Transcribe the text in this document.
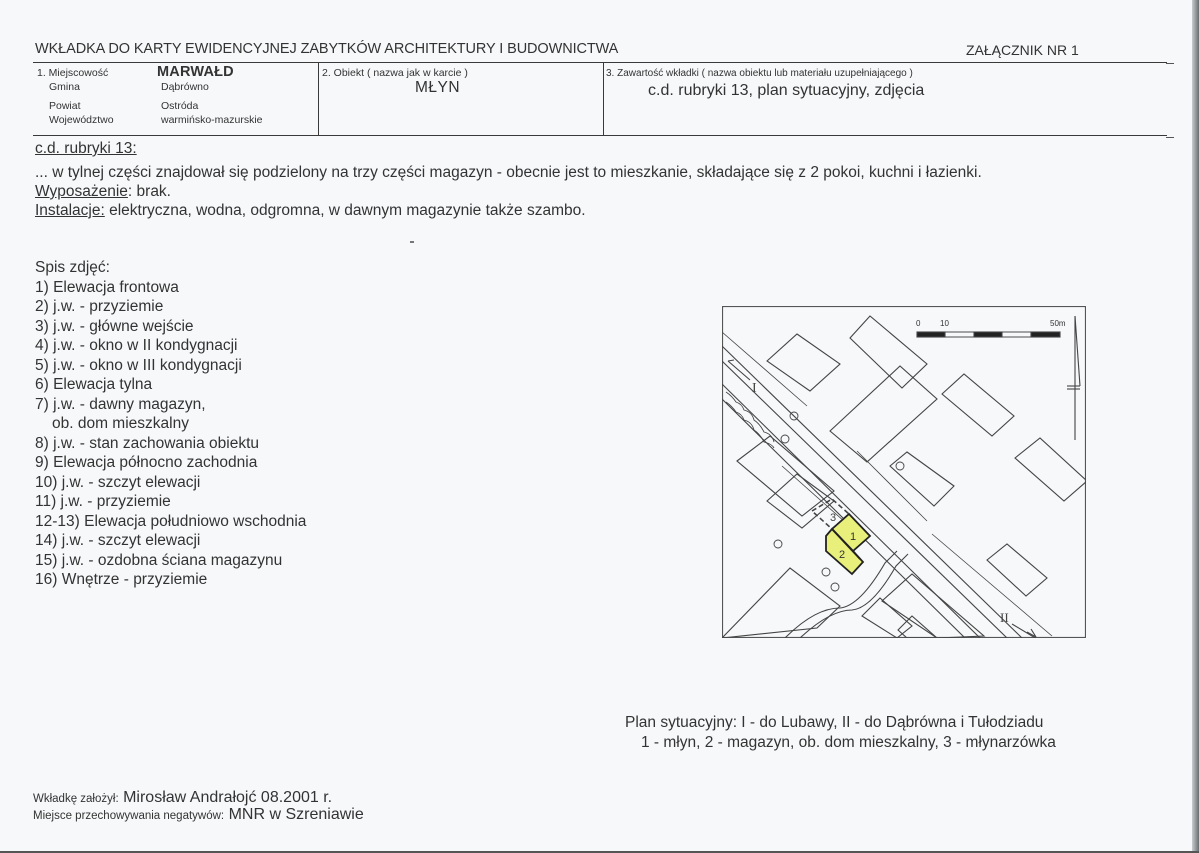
WKŁADKA DO KARTY EWIDENCYJNEJ ZABYTKÓW ARCHITEKTURY I BUDOWNICTWA	ZAŁĄCZNIK NR 1
1. Miejscowość	MARWAŁD
Gmina	Dąbrówno
Powiat	Ostróda
Województwo	warmińsko-mazurskie
2. Obiekt ( nazwa jak w karcie )
MŁYN
3. Zawartość wkładki ( nazwa obiektu lub materiału uzupełniającego )
c.d. rubryki 13, plan sytuacyjny, zdjęcia
c.d. rubryki 13:
... w tylnej części znajdował się podzielony na trzy części magazyn - obecnie jest to mieszkanie, składające się z 2 pokoi, kuchni i łazienki.
Wyposażenie: brak.
Instalacje: elektryczna, wodna, odgromna, w dawnym magazynie także szambo.
Spis zdjęć:
1) Elewacja frontowa
2) j.w. - przyziemie
3) j.w. - główne wejście
4) j.w. - okno w II kondygnacji
5) j.w. - okno w III kondygnacji
6) Elewacja tylna
7) j.w. - dawny magazyn,
ob. dom mieszkalny
8) j.w. - stan zachowania obiektu
9) Elewacja północno zachodnia
10) j.w. - szczyt elewacji
11) j.w. - przyziemie
12-13) Elewacja południowo wschodnia
14) j.w. - szczyt elewacji
15) j.w. - ozdobna ściana magazynu
16) Wnętrze - przyziemie
I
II
3
1
2
0 10	50m
Plan sytuacyjny: I - do Lubawy, II - do Dąbrówna i Tułodziadu
1 - młyn, 2 - magazyn, ob. dom mieszkalny, 3 - młynarzówka
Wkładkę założył: Mirosław Andrałojć 08.2001 r.
Miejsce przechowywania negatywów: MNR w Szreniawie
